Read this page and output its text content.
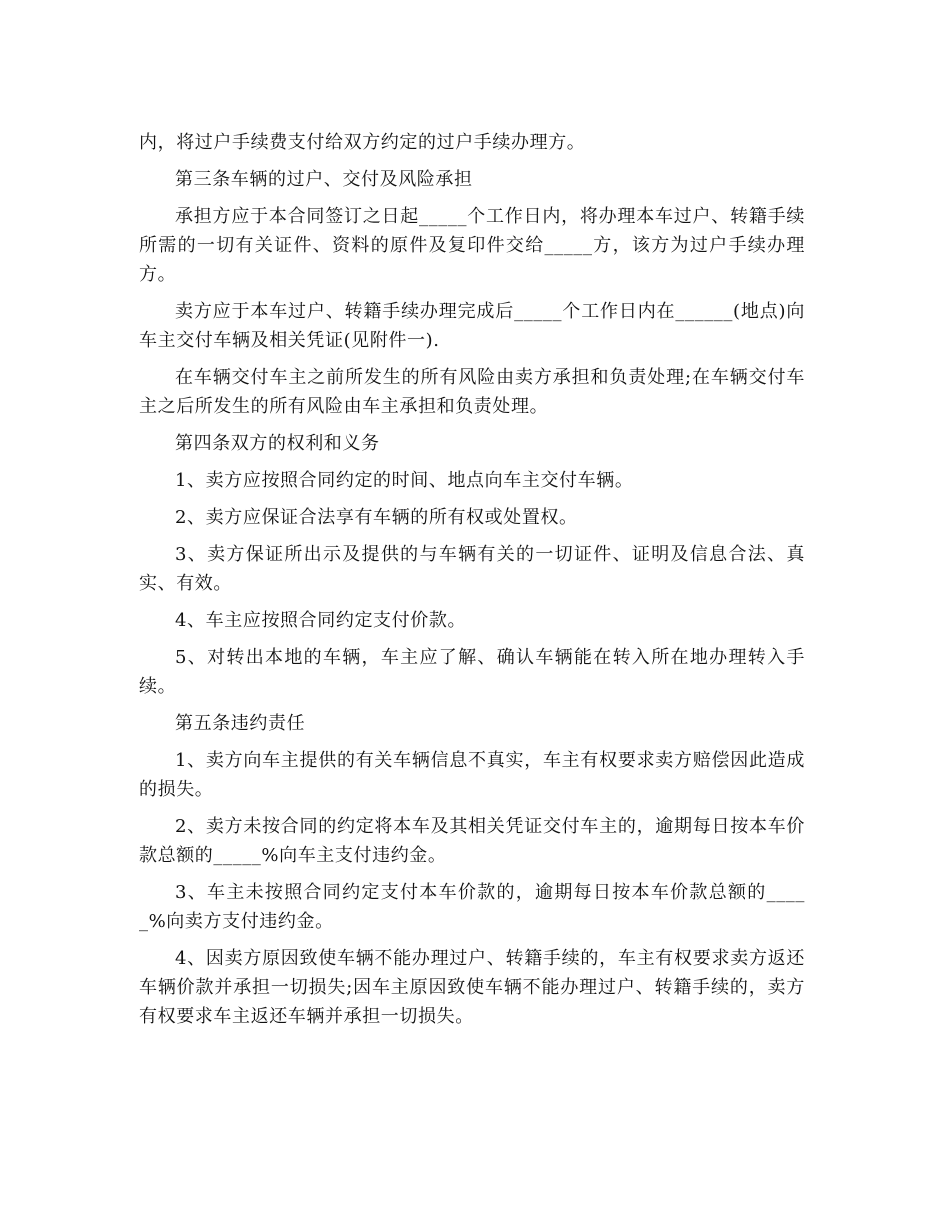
内，将过户手续费支付给双方约定的过户手续办理方。

第三条车辆的过户、交付及风险承担

承担方应于本合同签订之日起_____个工作日内，将办理本车过户、转籍手续所需的一切有关证件、资料的原件及复印件交给_____方，该方为过户手续办理方。

卖方应于本车过户、转籍手续办理完成后_____个工作日内在______(地点)向车主交付车辆及相关凭证(见附件一).

在车辆交付车主之前所发生的所有风险由卖方承担和负责处理;在车辆交付车主之后所发生的所有风险由车主承担和负责处理。

第四条双方的权利和义务

1、卖方应按照合同约定的时间、地点向车主交付车辆。

2、卖方应保证合法享有车辆的所有权或处置权。

3、卖方保证所出示及提供的与车辆有关的一切证件、证明及信息合法、真实、有效。

4、车主应按照合同约定支付价款。

5、对转出本地的车辆，车主应了解、确认车辆能在转入所在地办理转入手续。

第五条违约责任

1、卖方向车主提供的有关车辆信息不真实，车主有权要求卖方赔偿因此造成的损失。

2、卖方未按合同的约定将本车及其相关凭证交付车主的，逾期每日按本车价款总额的_____%向车主支付违约金。

3、车主未按照合同约定支付本车价款的，逾期每日按本车价款总额的_____%向卖方支付违约金。

4、因卖方原因致使车辆不能办理过户、转籍手续的，车主有权要求卖方返还车辆价款并承担一切损失;因车主原因致使车辆不能办理过户、转籍手续的，卖方有权要求车主返还车辆并承担一切损失。
